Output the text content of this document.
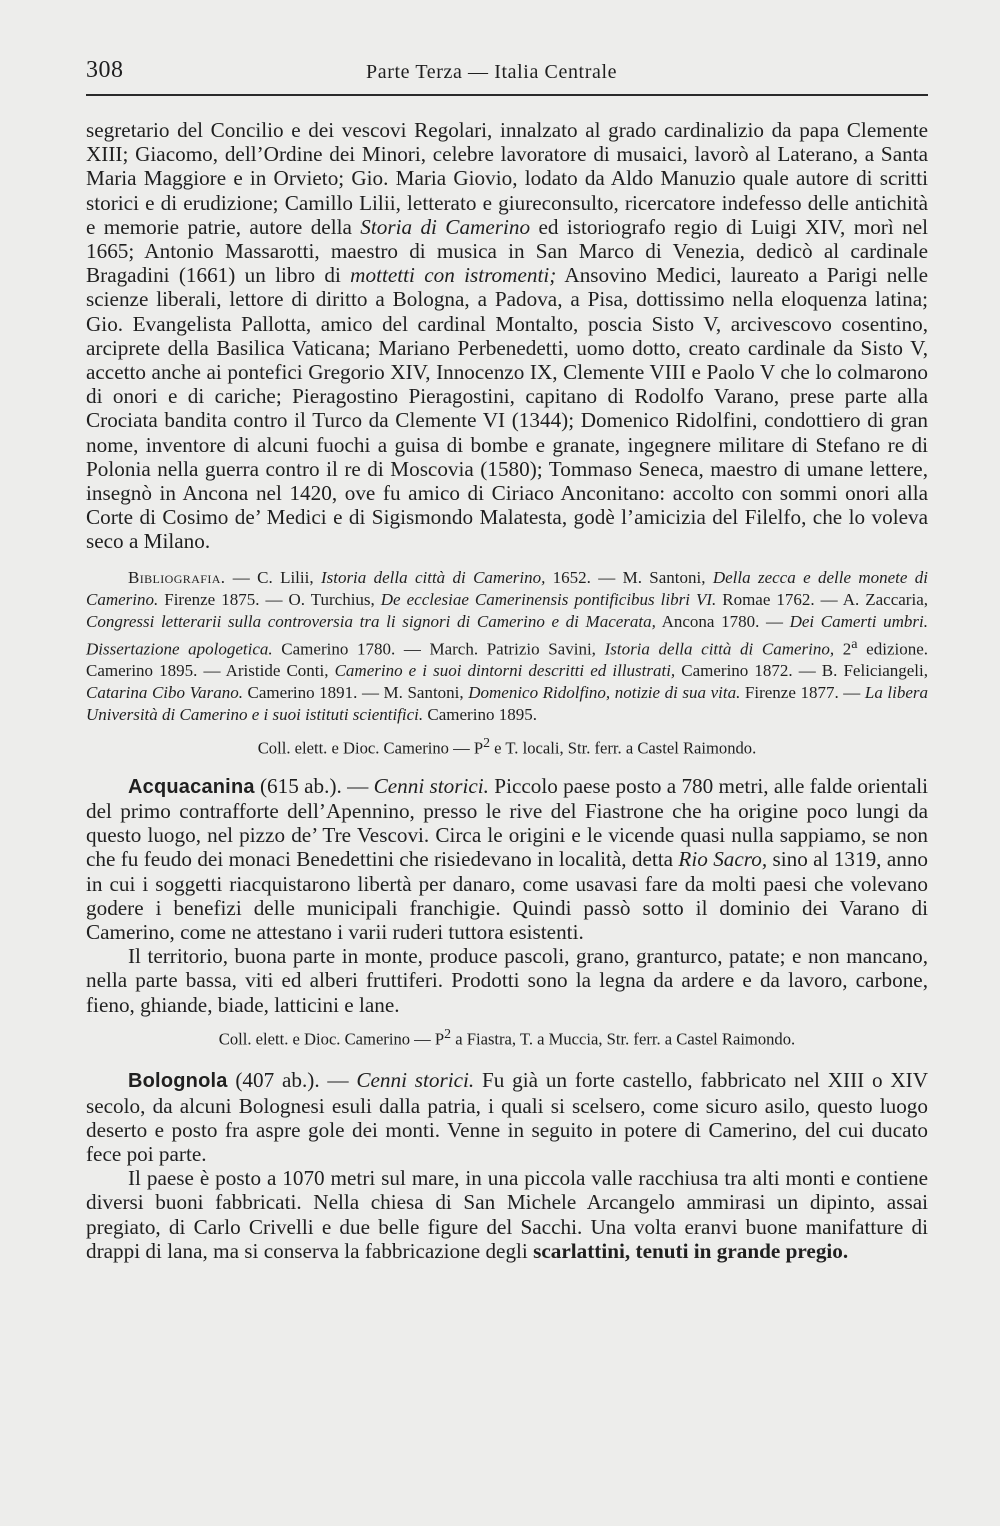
308	Parte Terza — Italia Centrale

segretario del Concilio e dei vescovi Regolari, innalzato al grado cardinalizio da papa Clemente XIII; Giacomo, dell’Ordine dei Minori, celebre lavoratore di musaici, lavorò al Laterano, a Santa Maria Maggiore e in Orvieto; Gio. Maria Giovio, lodato da Aldo Manuzio quale autore di scritti storici e di erudizione; Camillo Lilii, letterato e giureconsulto, ricercatore indefesso delle antichità e memorie patrie, autore della Storia di Camerino ed istoriografo regio di Luigi XIV, morì nel 1665; Antonio Massarotti, maestro di musica in San Marco di Venezia, dedicò al cardinale Bragadini (1661) un libro di mottetti con istromenti; Ansovino Medici, laureato a Parigi nelle scienze liberali, lettore di diritto a Bologna, a Padova, a Pisa, dottissimo nella eloquenza latina; Gio. Evangelista Pallotta, amico del cardinal Montalto, poscia Sisto V, arcivescovo cosentino, arciprete della Basilica Vaticana; Mariano Perbenedetti, uomo dotto, creato cardinale da Sisto V, accetto anche ai pontefici Gregorio XIV, Innocenzo IX, Clemente VIII e Paolo V che lo colmarono di onori e di cariche; Pieragostino Pieragostini, capitano di Rodolfo Varano, prese parte alla Crociata bandita contro il Turco da Clemente VI (1344); Domenico Ridolfini, condottiero di gran nome, inventore di alcuni fuochi a guisa di bombe e granate, ingegnere militare di Stefano re di Polonia nella guerra contro il re di Moscovia (1580); Tommaso Seneca, maestro di umane lettere, insegnò in Ancona nel 1420, ove fu amico di Ciriaco Anconitano: accolto con sommi onori alla Corte di Cosimo de’ Medici e di Sigismondo Malatesta, godè l’amicizia del Filelfo, che lo voleva seco a Milano.

Bibliografia. — C. Lilii, Istoria della città di Camerino, 1652. — M. Santoni, Della zecca e delle monete di Camerino. Firenze 1875. — O. Turchius, De ecclesiae Camerinensis pontificibus libri VI. Romae 1762. — A. Zaccaria, Congressi letterarii sulla controversia tra li signori di Camerino e di Macerata, Ancona 1780. — Dei Camerti umbri. Dissertazione apologetica. Camerino 1780. — March. Patrizio Savini, Istoria della città di Camerino, 2$^a$ edizione. Camerino 1895. — Aristide Conti, Camerino e i suoi dintorni descritti ed illustrati, Camerino 1872. — B. Feliciangeli, Catarina Cibo Varano. Camerino 1891. — M. Santoni, Domenico Ridolfino, notizie di sua vita. Firenze 1877. — La libera Università di Camerino e i suoi istituti scientifici. Camerino 1895.

Coll. elett. e Dioc. Camerino — $P^2$ e T. locali, Str. ferr. a Castel Raimondo.

Acquacanina (615 ab.). — Cenni storici. Piccolo paese posto a 780 metri, alle falde orientali del primo contrafforte dell’Apennino, presso le rive del Fiastrone che ha origine poco lungi da questo luogo, nel pizzo de’ Tre Vescovi. Circa le origini e le vicende quasi nulla sappiamo, se non che fu feudo dei monaci Benedettini che risiedevano in località, detta Rio Sacro, sino al 1319, anno in cui i soggetti riacquistarono libertà per danaro, come usavasi fare da molti paesi che volevano godere i benefizi delle municipali franchigie. Quindi passò sotto il dominio dei Varano di Camerino, come ne attestano i varii ruderi tuttora esistenti.

Il territorio, buona parte in monte, produce pascoli, grano, granturco, patate; e non mancano, nella parte bassa, viti ed alberi fruttiferi. Prodotti sono la legna da ardere e da lavoro, carbone, fieno, ghiande, biade, latticini e lane.

Coll. elett. e Dioc. Camerino — $P^2$ a Fiastra, T. a Muccia, Str. ferr. a Castel Raimondo.

Bolognola (407 ab.). — Cenni storici. Fu già un forte castello, fabbricato nel XIII o XIV secolo, da alcuni Bolognesi esuli dalla patria, i quali si scelsero, come sicuro asilo, questo luogo deserto e posto fra aspre gole dei monti. Venne in seguito in potere di Camerino, del cui ducato fece poi parte.

Il paese è posto a 1070 metri sul mare, in una piccola valle racchiusa tra alti monti e contiene diversi buoni fabbricati. Nella chiesa di San Michele Arcangelo ammirasi un dipinto, assai pregiato, di Carlo Crivelli e due belle figure del Sacchi. Una volta eranvi buone manifatture di drappi di lana, ma si conserva la fabbricazione degli scarlattini, tenuti in grande pregio.
